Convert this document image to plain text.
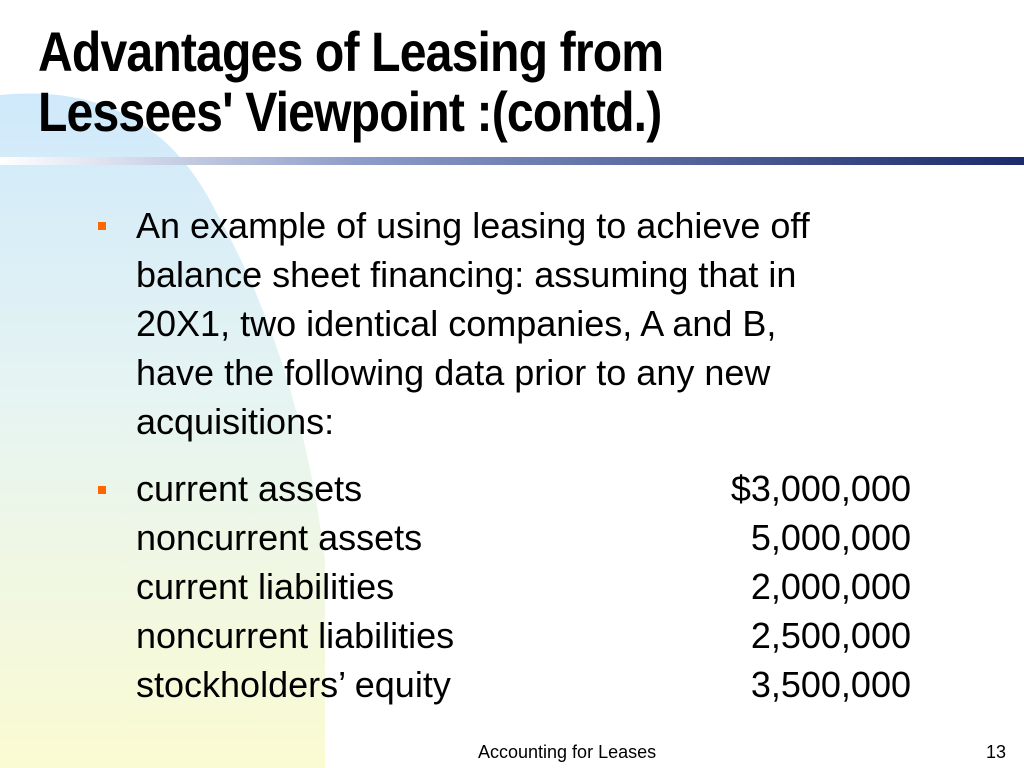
Advantages of Leasing from
Lessees' Viewpoint :(contd.)
An example of using leasing to achieve off
balance sheet financing: assuming that in
20X1, two identical companies, A and B,
have the following data prior to any new
acquisitions:
current assets	$3,000,000
noncurrent assets	5,000,000
current liabilities	2,000,000
noncurrent liabilities	2,500,000
stockholders’ equity	3,500,000
Accounting for Leases	13
